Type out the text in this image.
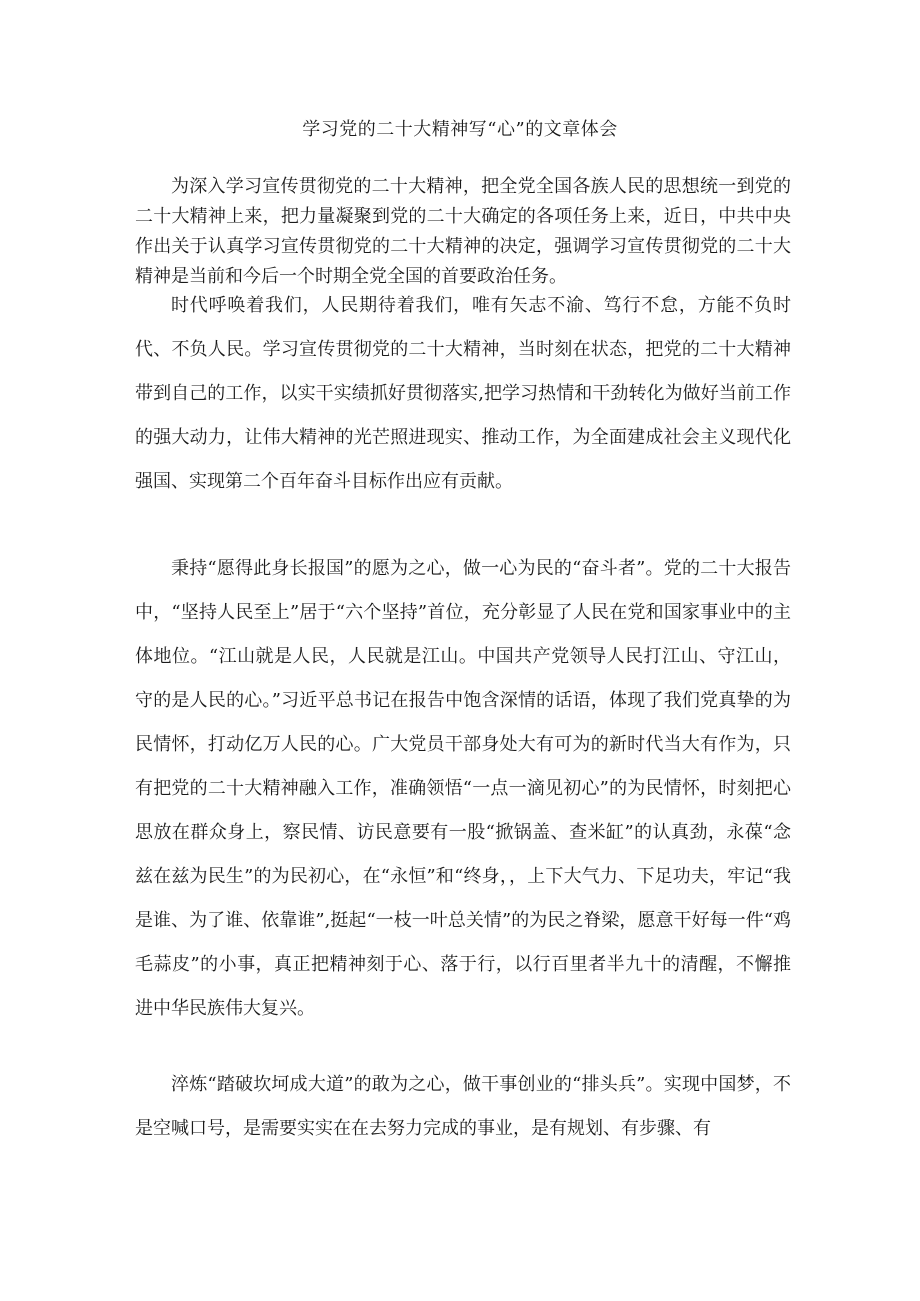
学习党的二十大精神写“心”的文章体会

为深入学习宣传贯彻党的二十大精神，把全党全国各族人民的思想统一到党的二十大精神上来，把力量凝聚到党的二十大确定的各项任务上来，近日，中共中央作出关于认真学习宣传贯彻党的二十大精神的决定，强调学习宣传贯彻党的二十大精神是当前和今后一个时期全党全国的首要政治任务。

时代呼唤着我们，人民期待着我们，唯有矢志不渝、笃行不怠，方能不负时代、不负人民。学习宣传贯彻党的二十大精神，当时刻在状态，把党的二十大精神带到自己的工作，以实干实绩抓好贯彻落实,把学习热情和干劲转化为做好当前工作的强大动力，让伟大精神的光芒照进现实、推动工作，为全面建成社会主义现代化强国、实现第二个百年奋斗目标作出应有贡献。

秉持“愿得此身长报国”的愿为之心，做一心为民的“奋斗者”。党的二十大报告中，“坚持人民至上”居于“六个坚持”首位，充分彰显了人民在党和国家事业中的主体地位。“江山就是人民，人民就是江山。中国共产党领导人民打江山、守江山，守的是人民的心。”习近平总书记在报告中饱含深情的话语，体现了我们党真挚的为民情怀，打动亿万人民的心。广大党员干部身处大有可为的新时代当大有作为，只有把党的二十大精神融入工作，准确领悟“一点一滴见初心”的为民情怀，时刻把心思放在群众身上，察民情、访民意要有一股“掀锅盖、查米缸”的认真劲，永葆“念兹在兹为民生”的为民初心，在“永恒”和“终身，，上下大气力、下足功夫，牢记“我是谁、为了谁、依靠谁”,挺起“一枝一叶总关情”的为民之脊梁，愿意干好每一件“鸡毛蒜皮”的小事，真正把精神刻于心、落于行，以行百里者半九十的清醒，不懈推进中华民族伟大复兴。

淬炼“踏破坎坷成大道”的敢为之心，做干事创业的“排头兵”。实现中国梦，不是空喊口号，是需要实实在在去努力完成的事业，是有规划、有步骤、有
